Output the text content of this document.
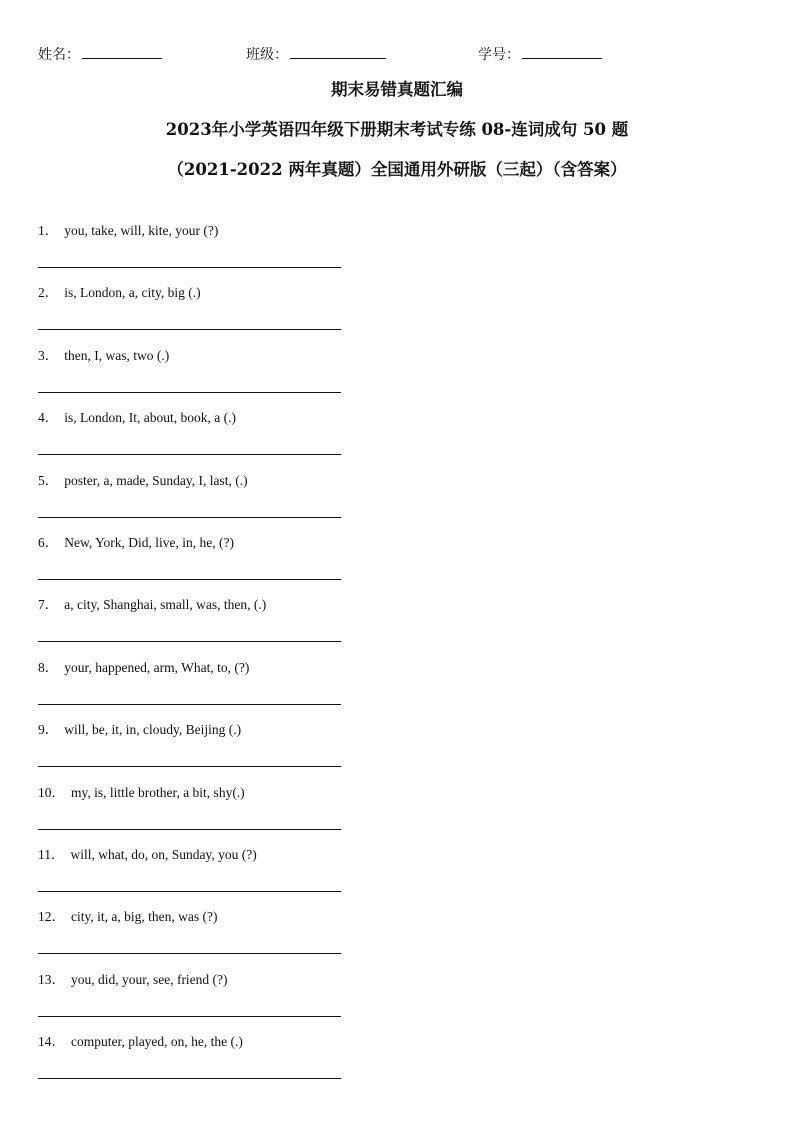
姓名：	班级：	学号：
期末易错真题汇编
2023年小学英语四年级下册期末考试专练 08-连词成句 50 题
（2021-2022 两年真题）全国通用外研版（三起）（含答案）
1． you, take, will, kite, your (?)
2． is, London, a, city, big (.)
3． then, I, was, two (.)
4． is, London, It, about, book, a (.)
5． poster, a, made, Sunday, I, last, (.)
6． New, York, Did, live, in, he, (?)
7． a, city, Shanghai, small, was, then, (.)
8． your, happened, arm, What, to, (?)
9． will, be, it, in, cloudy, Beijing (.)
10． my, is, little brother, a bit, shy(.)
11． will, what, do, on, Sunday, you (?)
12． city, it, a, big, then, was (?)
13． you, did, your, see, friend (?)
14． computer, played, on, he, the (.)
